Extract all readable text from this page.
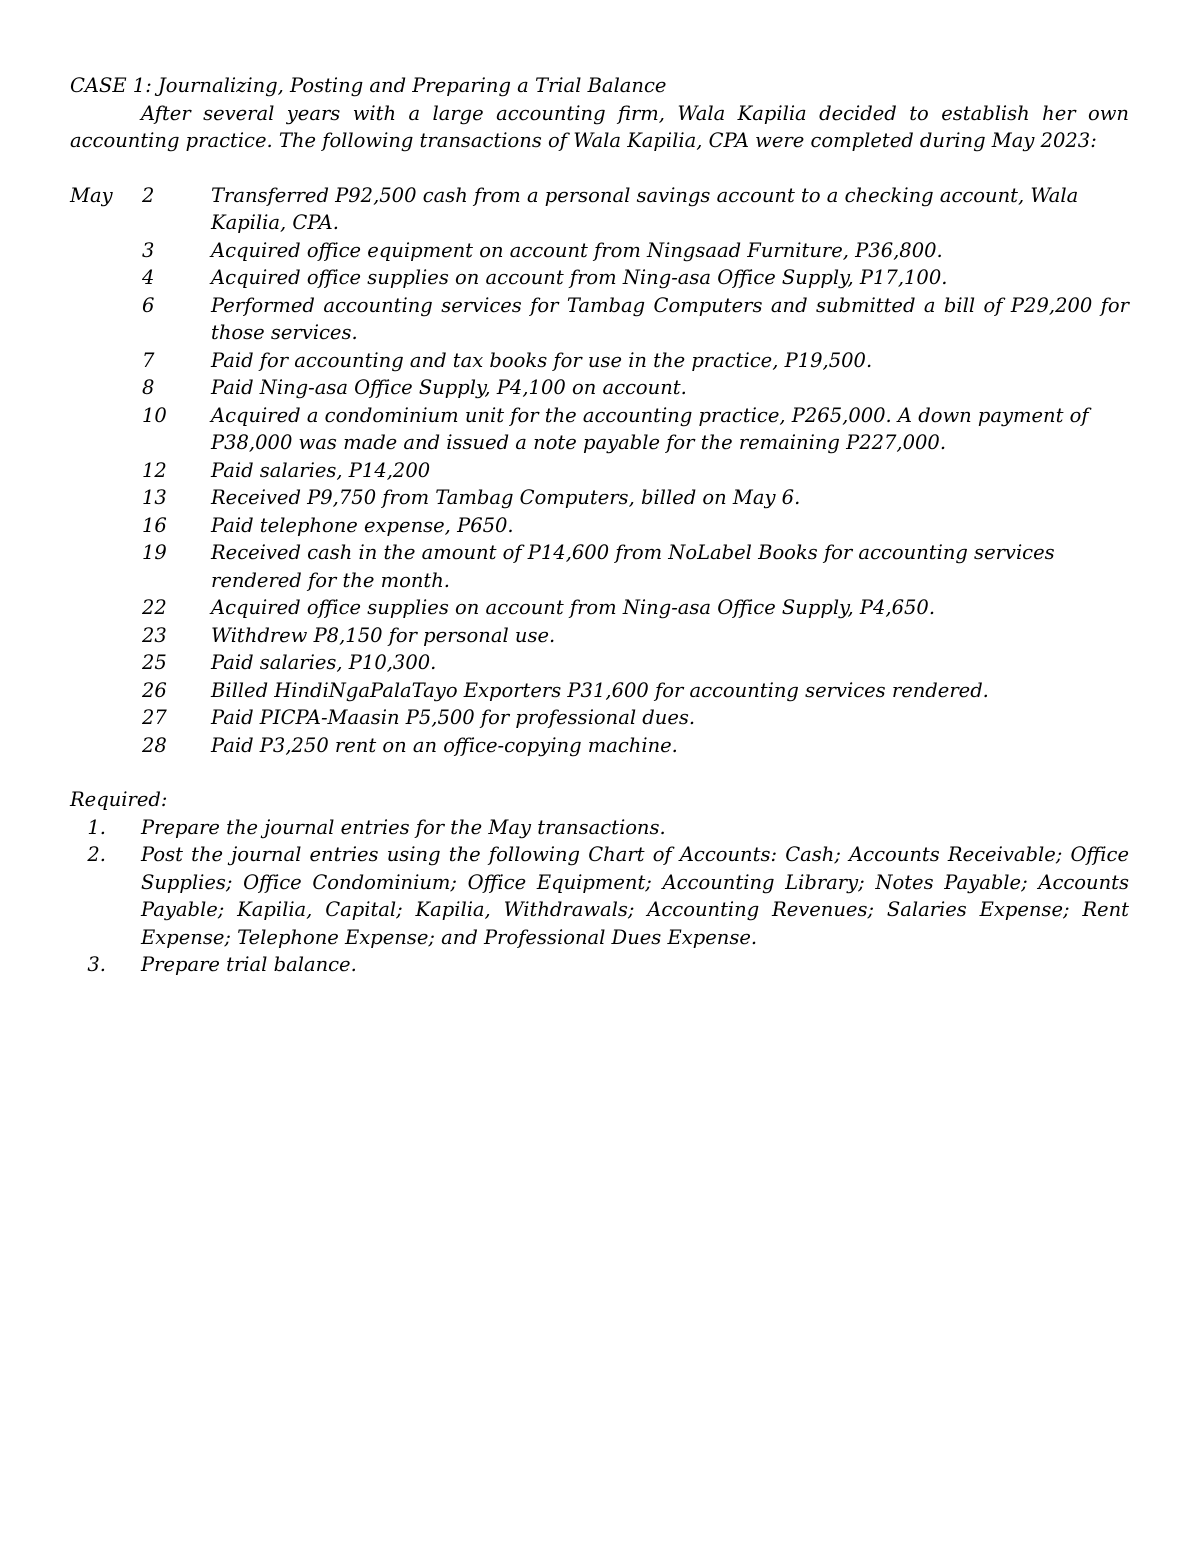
CASE 1: Journalizing, Posting and Preparing a Trial Balance

After several years with a large accounting firm, Wala Kapilia decided to establish her own accounting practice. The following transactions of Wala Kapilia, CPA were completed during May 2023:

May	2	Transferred P92,500 cash from a personal savings account to a checking account, Wala Kapilia, CPA.
3	Acquired office equipment on account from Ningsaad Furniture, P36,800.
4	Acquired office supplies on account from Ning-asa Office Supply, P17,100.
6	Performed accounting services for Tambag Computers and submitted a bill of P29,200 for those services.
7	Paid for accounting and tax books for use in the practice, P19,500.
8	Paid Ning-asa Office Supply, P4,100 on account.
10	Acquired a condominium unit for the accounting practice, P265,000. A down payment of P38,000 was made and issued a note payable for the remaining P227,000.
12	Paid salaries, P14,200
13	Received P9,750 from Tambag Computers, billed on May 6.
16	Paid telephone expense, P650.
19	Received cash in the amount of P14,600 from NoLabel Books for accounting services rendered for the month.
22	Acquired office supplies on account from Ning-asa Office Supply, P4,650.
23	Withdrew P8,150 for personal use.
25	Paid salaries, P10,300.
26	Billed HindiNgaPalaTayo Exporters P31,600 for accounting services rendered.
27	Paid PICPA-Maasin P5,500 for professional dues.
28	Paid P3,250 rent on an office-copying machine.

Required:

1.	Prepare the journal entries for the May transactions.
2.	Post the journal entries using the following Chart of Accounts: Cash; Accounts Receivable; Office Supplies; Office Condominium; Office Equipment; Accounting Library; Notes Payable; Accounts Payable; Kapilia, Capital; Kapilia, Withdrawals; Accounting Revenues; Salaries Expense; Rent Expense; Telephone Expense; and Professional Dues Expense.
3.	Prepare trial balance.
